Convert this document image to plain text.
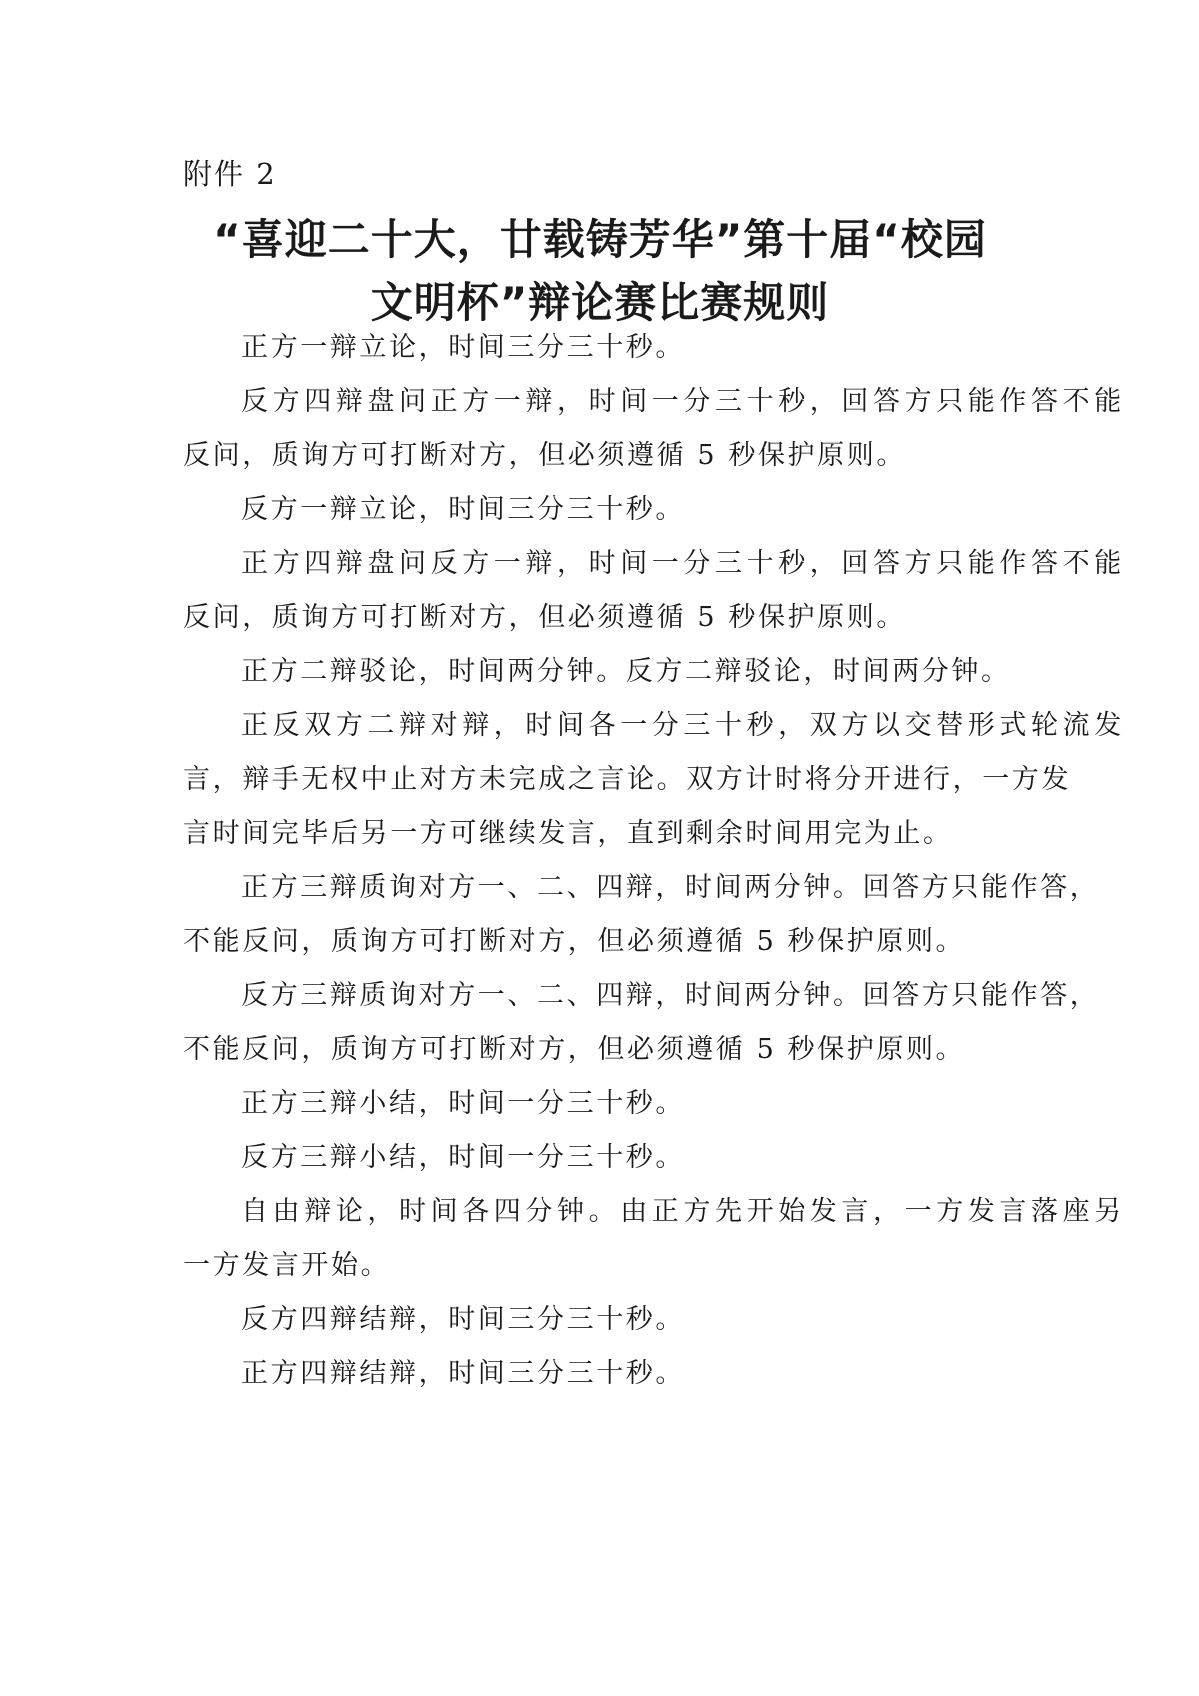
附件 2
“喜迎二十大，廿载铸芳华”第十届“校园
文明杯”辩论赛比赛规则

正方一辩立论，时间三分三十秒。

反方四辩盘问正方一辩，时间一分三十秒，回答方只能作答不能

反问，质询方可打断对方，但必须遵循 5 秒保护原则。

反方一辩立论，时间三分三十秒。

正方四辩盘问反方一辩，时间一分三十秒，回答方只能作答不能

反问，质询方可打断对方，但必须遵循 5 秒保护原则。

正方二辩驳论，时间两分钟。反方二辩驳论，时间两分钟。

正反双方二辩对辩，时间各一分三十秒，双方以交替形式轮流发

言，辩手无权中止对方未完成之言论。双方计时将分开进行，一方发

言时间完毕后另一方可继续发言，直到剩余时间用完为止。

正方三辩质询对方一、二、四辩，时间两分钟。回答方只能作答，

不能反问，质询方可打断对方，但必须遵循 5 秒保护原则。

反方三辩质询对方一、二、四辩，时间两分钟。回答方只能作答，

不能反问，质询方可打断对方，但必须遵循 5 秒保护原则。

正方三辩小结，时间一分三十秒。

反方三辩小结，时间一分三十秒。

自由辩论，时间各四分钟。由正方先开始发言，一方发言落座另

一方发言开始。

反方四辩结辩，时间三分三十秒。

正方四辩结辩，时间三分三十秒。
